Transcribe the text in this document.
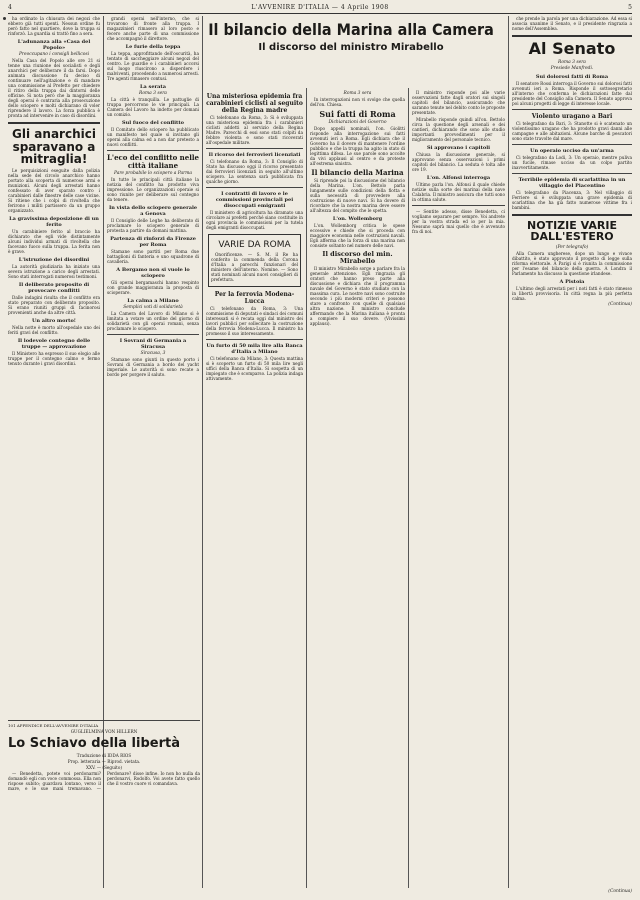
4	L'AVVENIRE D'ITALIA — 4 Aprile 1908	5

ha ordinato la chiusura dei negozi che ebbero già tutti spenti. Nessun ordine fu però fatto nel quartiere, dove la truppa si rinforzò. La guardia si trattò fino a sera.

L'adunanza alla «Casa del Popolo»
Preoccupano i consigli bellicosi

Nella Casa del Popolo alle ore 21 si tenne una riunione dei socialisti e degli anarchici per deliberare il da farsi. Dopo animata discussione fu deciso di continuare nell'agitazione e di mandare una commissione al Prefetto per chiedere il ritiro della truppa dai dintorni delle officine. Si nota però che la maggioranza degli operai è contraria alla prosecuzione dello sciopero e molti dichiarano di voler riprendere il lavoro. La forza pubblica è pronta ad intervenire in caso di disordini.

Gli anarchici sparavano a mitraglia!

Le perquisizioni eseguite dalla polizia nella sede del circolo anarchico hanno portato alla scoperta di numerose armi e munizioni. Alcuni degli arrestati hanno confessato di aver sparato contro i carabinieri dalle finestre delle case vicine. Si ritiene che i colpi di rivoltella che ferirono i militi partissero da un gruppo organizzato.

La gravissima deposizione di un ferito

Un carabiniere ferito al braccio ha dichiarato che egli vide distintamente alcuni individui armati di rivoltella che facevano fuoco sulla truppa. La ferita non è grave.

L'istruzione dei disordini

La autorità giudiziaria ha iniziato una severa istruzione a carico degli arrestati. Sono stati interrogati numerosi testimoni.

Il deliberato proposito di provocare conflitti

Dalle indagini risulta che il conflitto era stato preparato con deliberato proposito. Si erano riuniti gruppi di facinorosi provenienti anche da altre città.

Un altro morto!

Nella notte è morto all'ospedale uno dei feriti gravi del conflitto.

Il lodevole contegno delle truppe — approvazione

Il Ministero ha espresso il suo elogio alle truppe per il contegno calmo e fermo tenuto durante i gravi disordini.

101 APPENDICE DELL'AVVENIRE D'ITALIA
GUGLIELMINA VON HILLERN
Lo Schiavo della libertà
Traduzione di IDDA RIOS
Prop. letteraria — Riprod. vietata.
XXV. — (Seguito)

— Benedetta, potete voi perdonarmi? domandò egli con voce commossa. Ella non rispose subito; guardava lontano, verso il mare, e le sue mani tremavano. — Perdonare? disse infine. Io non ho nulla da perdonarvi, Rodolfo. Voi avete fatto quello che il vostro cuore vi comandava.

grandi operai nell'interno, che si trovarono di fronte alla truppa. I magazzinieri rimasero al loro posto e fecero anche parte di una commissione che accompagnò il direttore.

Le furie della teppa

La teppa, approfittando dell'oscurità, ha tentato di saccheggiare alcuni negozi del centro. Le guardie e i carabinieri accorsi sul luogo riuscirono a disperdere i malviventi, procedendo a numerosi arresti. Tre agenti rimasero contusi.

La serata
Roma 3 sera

La città è tranquilla. Le pattuglie di truppa percorrono le vie principali. La Camera del Lavoro ha indetto per domani un comizio.

Sul fuoco del conflitto

Il Comitato dello sciopero ha pubblicato un manifesto nel quale si invitano gli operai alla calma ed a non dar pretesto a nuovi conflitti.

L'eco del conflitto nelle città italiane
Pare probabile lo sciopero a Parma

In tutte le principali città italiane la notizia del conflitto ha prodotto viva impressione. Le organizzazioni operaie si sono riunite per deliberare sul contegno da tenere.

In vista dello sciopero generale a Genova

Il Consiglio delle Leghe ha deliberato di proclamare lo sciopero generale di protesta a partire da domani mattina.

Partenza di rinforzi da Firenze per Roma

Stamane sono partiti per Roma due battaglioni di fanteria e uno squadrone di cavalleria.

A Bergamo non si vuole lo sciopero

Gli operai bergamaschi hanno respinto con grande maggioranza la proposta di scioperare.

La calma a Milano
Semplici voti di solidarietà

La Camera del Lavoro di Milano si è limitata a votare un ordine del giorno di solidarietà con gli operai romani, senza proclamare lo sciopero.

I Sovrani di Germania a Siracusa
Siracusa, 3

Stamane sono giunti in questo porto i Sovrani di Germania a bordo del yacht imperiale. Le autorità si sono recate a bordo per porgere il saluto.

Una misteriosa epidemia fra carabinieri ciclisti al seguito della Regina madre

Ci telefonano da Roma, 3: Si è sviluppata una misteriosa epidemia fra i carabinieri ciclisti addetti al servizio della Regina Madre. Parecchi di essi sono stati colpiti da febbre violenta e sono stati ricoverati all'ospedale militare.

Il ricorso dei ferrovieri licenziati

Ci telefonano da Roma, 3: Il Consiglio di Stato ha discusso oggi il ricorso presentato dai ferrovieri licenziati in seguito all'ultimo sciopero. La sentenza sarà pubblicata fra qualche giorno.

I contratti di lavoro e le commissioni provinciali pei disoccupati emigranti

Il ministero di agricoltura ha diramato una circolare ai prefetti perché siano costituite in ogni provincia le commissioni per la tutela degli emigranti disoccupati.

VARIE DA ROMA

Onorificenze. — S. M. il Re ha conferito la commenda della Corona d'Italia a parecchi funzionari del ministero dell'interno. Nomine. — Sono stati nominati alcuni nuovi consiglieri di prefettura.

Per la ferrovia Modena-Lucca

Ci telefonano da Roma, 3: Una commissione di deputati e sindaci dei comuni interessati si è recata oggi dal ministro dei lavori pubblici per sollecitare la costruzione della ferrovia Modena-Lucca. Il ministro ha promesso il suo interessamento.

Un furto di 50 mila lire alla Banca d'Italia a Milano

Ci telefonano da Milano, 3: Questa mattina si è scoperto un furto di 50 mila lire negli uffici della Banca d'Italia. Si sospetta di un impiegato che è scomparso. La polizia indaga attivamente.

Il bilancio della Marina alla Camera
Il discorso del ministro Mirabello
Roma 3 sera

In interrogazioni non vi svolge che quella dell'on. Chiesa.

Sui fatti di Roma
Dichiarazioni del Governo

Dopo appelli nominali, l'on. Giolitti risponde alla interrogazione sui fatti avvenuti ieri a Roma. Egli dichiara che il Governo ha il dovere di mantenere l'ordine pubblico e che la truppa ha agito in stato di legittima difesa. Le sue parole sono accolte da vivi applausi al centro e da proteste all'estrema sinistra.

Il bilancio della Marina

Si riprende poi la discussione del bilancio della Marina. L'on. Bettolo parla lungamente sulle condizioni della flotta e sulla necessità di provvedere alla costruzione di nuove navi. Si ha dovere di ricordare che la nostra marina deve essere all'altezza del compito che le spetta.

L'on. Wollemborg

L'on. Wollemborg critica le spese eccessive e chiede che si proceda con maggiore economia nelle costruzioni navali. Egli afferma che la forza di una marina non consiste soltanto nel numero delle navi.

Il discorso del min. Mirabello

Il ministro Mirabello sorge a parlare fra la generale attenzione. Egli ringrazia gli oratori che hanno preso parte alla discussione e dichiara che il programma navale del Governo è stato studiato con la massima cura. Le nostre navi sono costruite secondo i più moderni criteri e possono stare a confronto con quelle di qualsiasi altra nazione. Il ministro conclude affermando che la Marina italiana è pronta a compiere il suo dovere. (Vivissimi applausi).

Il ministro risponde poi alle varie osservazioni fatte dagli oratori sui singoli capitoli del bilancio, assicurando che saranno tenute nel debito conto le proposte presentate.

Mirabello risponde quindi all'on. Bettolo circa la questione degli arsenali e dei cantieri, dichiarando che sono allo studio importanti provvedimenti per il miglioramento del personale tecnico.

Si approvano i capitoli

Chiusa la discussione generale, si approvano senza osservazioni i primi capitoli del bilancio. La seduta è tolta alle ore 19.

L'on. Alfonsi interroga

Ultimo parla l'on. Alfonsi il quale chiede notizie sulla sorte dei marinai della nave Calabria. Il ministro assicura che tutti sono in ottima salute.

— Sentite adesso, disse Benedetta, ci vogliamo separare per sempre. Voi andrete per la vostra strada ed io per la mia. Nessuno saprà mai quello che è avvenuto fra di noi.

che prende la parola per una dichiarazione. Ad essa si associa unanime il Senato, e il presidente ringrazia a nome dell'Assemblea.

Al Senato
Roma 3 sera
Presiede Manfredi.
Sui dolorosi fatti di Roma

Il senatore Rossi interroga il Governo sui dolorosi fatti avvenuti ieri a Roma. Risponde il sottosegretario all'interno che conferma le dichiarazioni fatte dal presidente del Consiglio alla Camera. Il Senato approva poi alcuni progetti di legge di interesse locale.

Violento uragano a Bari

Ci telegrafano da Bari, 3: Stanotte si è scatenato un violentissimo uragano che ha prodotto gravi danni alle campagne e alle abitazioni. Alcune barche di pescatori sono state travolte dal mare.

Un operaio ucciso da un'arma

Ci telegrafano da Lodi, 3: Un operaio, mentre puliva un fucile, rimase ucciso da un colpo partito inavvertitamente.

Terribile epidemia di scarlattina in un villaggio del Piacentino

Ci telegrafano da Piacenza, 3: Nel villaggio di Ferriere si è sviluppata una grave epidemia di scarlattina che ha già fatto numerose vittime fra i bambini.

NOTIZIE VARIE DALL'ESTERO
(Per telegrafo)

Alla Camera ungherese, dopo un lungo e vivace dibattito, è stato approvato il progetto di legge sulla riforma elettorale. A Parigi si è riunita la commissione per l'esame del bilancio della guerra. A Londra il Parlamento ha discusso la questione irlandese.

A Pistoia

L'ultimo degli arrestati per i noti fatti è stato rimesso in libertà provvisoria. In città regna la più perfetta calma.

(Continua)
(Continua)
